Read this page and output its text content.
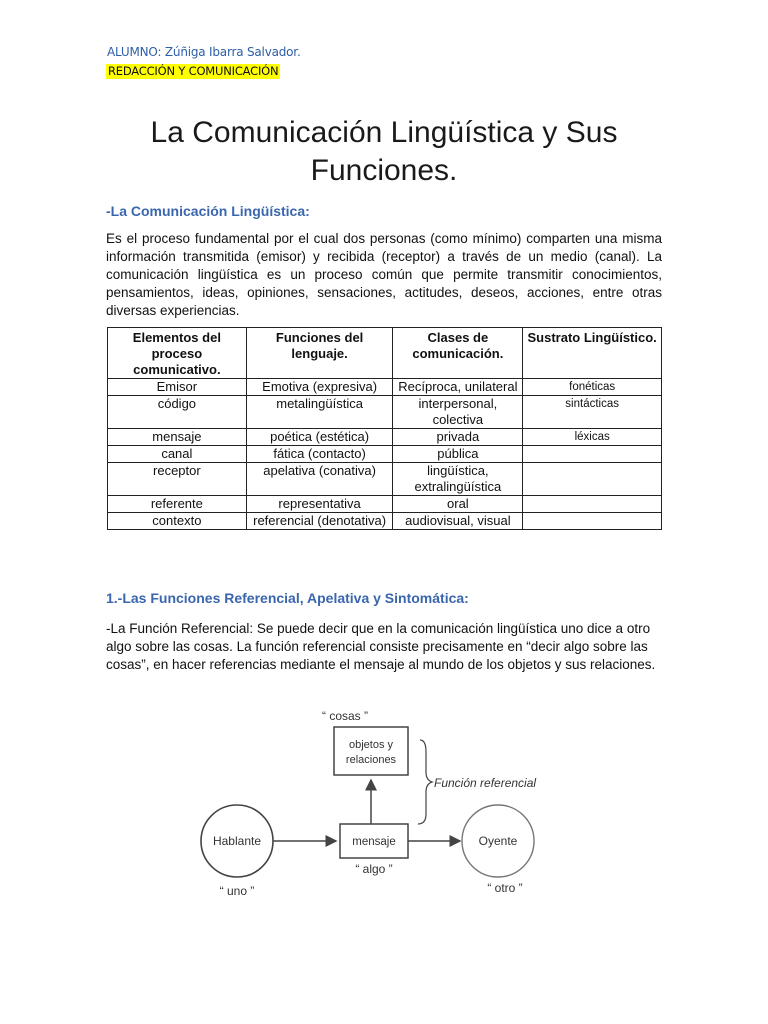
ALUMNO: Zúñiga Ibarra Salvador.
REDACCIÓN Y COMUNICACIÓN
La Comunicación Lingüística y Sus Funciones.
-La Comunicación Lingüística:
Es el proceso fundamental por el cual dos personas (como mínimo) comparten una misma información transmitida (emisor) y recibida (receptor) a través de un medio (canal). La comunicación lingüística es un proceso común que permite transmitir conocimientos, pensamientos, ideas, opiniones, sensaciones, actitudes, deseos, acciones, entre otras diversas experiencias.
Elementos del proceso comunicativo.	Funciones del lenguaje.	Clases de comunicación.	Sustrato Lingüístico.
Emisor	Emotiva (expresiva)	Recíproca, unilateral	fonéticas
código	metalingüística	interpersonal, colectiva	sintácticas
mensaje	poética (estética)	privada	léxicas
canal	fática (contacto)	pública	
receptor	apelativa (conativa)	lingüística, extralingüística	
referente	representativa	oral	
contexto	referencial (denotativa)	audiovisual, visual	
1.-Las Funciones Referencial, Apelativa y Sintomática:
-La Función Referencial: Se puede decir que en la comunicación lingüística uno dice a otro algo sobre las cosas. La función referencial consiste precisamente en “decir algo sobre las cosas”, en hacer referencias mediante el mensaje al mundo de los objetos y sus relaciones.
“ cosas ”
objetos y
relaciones
Función referencial
Hablante	mensaje	Oyente
“ uno ”
“ algo ”
“ otro ”
